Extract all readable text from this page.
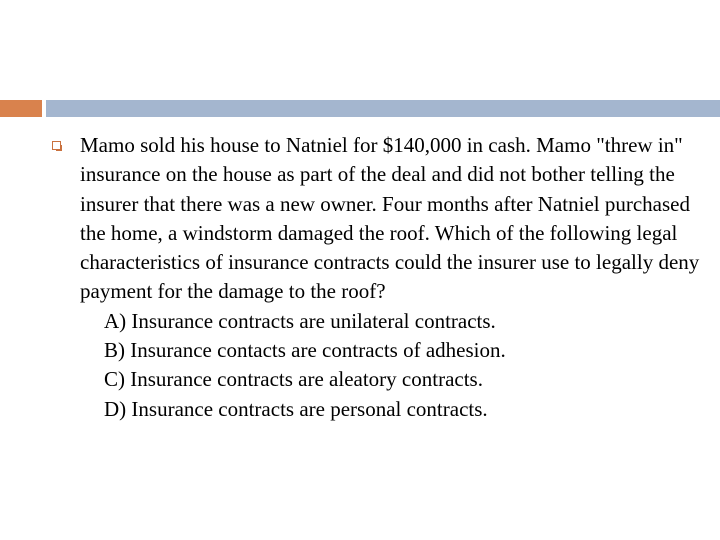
Mamo sold his house to Natniel for $140,000 in cash. Mamo "threw in" insurance on the house as part of the deal and did not bother telling the insurer that there was a new owner. Four months after Natniel purchased the home, a windstorm damaged the roof. Which of the following legal characteristics of insurance contracts could the insurer use to legally deny payment for the damage to the roof?

A) Insurance contracts are unilateral contracts.

B) Insurance contacts are contracts of adhesion.

C) Insurance contracts are aleatory contracts.

D) Insurance contracts are personal contracts.
